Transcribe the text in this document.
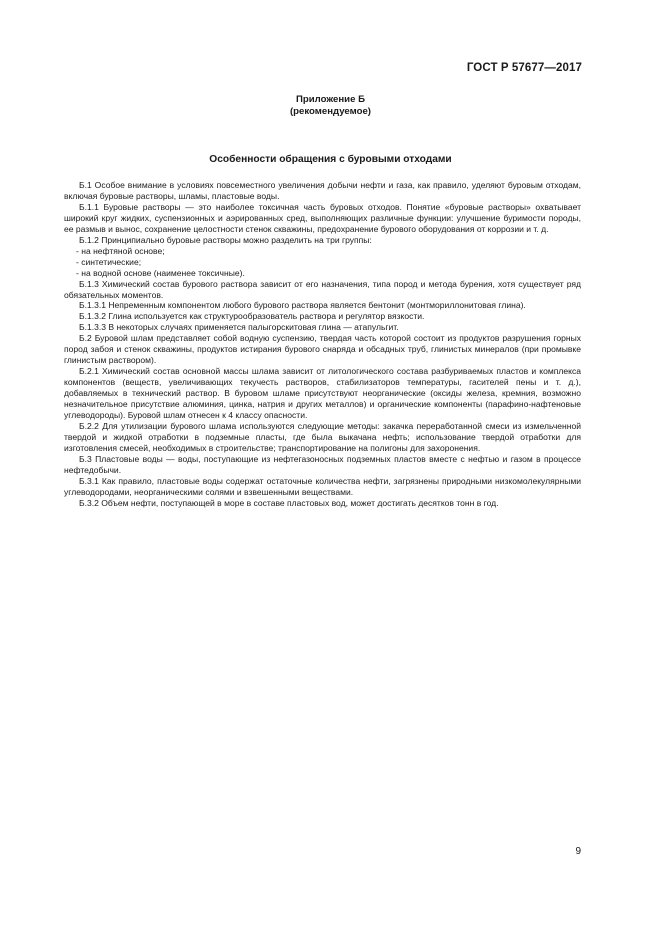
ГОСТ Р 57677—2017
Приложение Б
(рекомендуемое)
Особенности обращения с буровыми отходами

Б.1 Особое внимание в условиях повсеместного увеличения добычи нефти и газа, как правило, уделяют буровым отходам, включая буровые растворы, шламы, пластовые воды.

Б.1.1 Буровые растворы — это наиболее токсичная часть буровых отходов. Понятие «буровые растворы» охватывает широкий круг жидких, суспензионных и аэрированных сред, выполняющих различные функции: улучшение буримости породы, ее размыв и вынос, сохранение целостности стенок скважины, предохранение бурового оборудования от коррозии и т. д.

Б.1.2 Принципиально буровые растворы можно разделить на три группы:

- на нефтяной основе;

- синтетические;

- на водной основе (наименее токсичные).

Б.1.3 Химический состав бурового раствора зависит от его назначения, типа пород и метода бурения, хотя существует ряд обязательных моментов.

Б.1.3.1 Непременным компонентом любого бурового раствора является бентонит (монтмориллонитовая глина).

Б.1.3.2 Глина используется как структурообразователь раствора и регулятор вязкости.

Б.1.3.3 В некоторых случаях применяется палыгорскитовая глина — атапульгит.

Б.2 Буровой шлам представляет собой водную суспензию, твердая часть которой состоит из продуктов разрушения горных пород забоя и стенок скважины, продуктов истирания бурового снаряда и обсадных труб, глинистых минералов (при промывке глинистым раствором).

Б.2.1 Химический состав основной массы шлама зависит от литологического состава разбуриваемых пластов и комплекса компонентов (веществ, увеличивающих текучесть растворов, стабилизаторов температуры, гасителей пены и т. д.), добавляемых в технический раствор. В буровом шламе присутствуют неорганические (оксиды железа, кремния, возможно незначительное присутствие алюминия, цинка, натрия и других металлов) и органические компоненты (парафино-нафтеновые углеводороды). Буровой шлам отнесен к 4 классу опасности.

Б.2.2 Для утилизации бурового шлама используются следующие методы: закачка переработанной смеси из измельченной твердой и жидкой отработки в подземные пласты, где была выкачана нефть; использование твердой отработки для изготовления смесей, необходимых в строительстве; транспортирование на полигоны для захоронения.

Б.3 Пластовые воды — воды, поступающие из нефтегазоносных подземных пластов вместе с нефтью и газом в процессе нефтедобычи.

Б.3.1 Как правило, пластовые воды содержат остаточные количества нефти, загрязнены природными низкомолекулярными углеводородами, неорганическими солями и взвешенными веществами.

Б.3.2 Объем нефти, поступающей в море в составе пластовых вод, может достигать десятков тонн в год.

9
